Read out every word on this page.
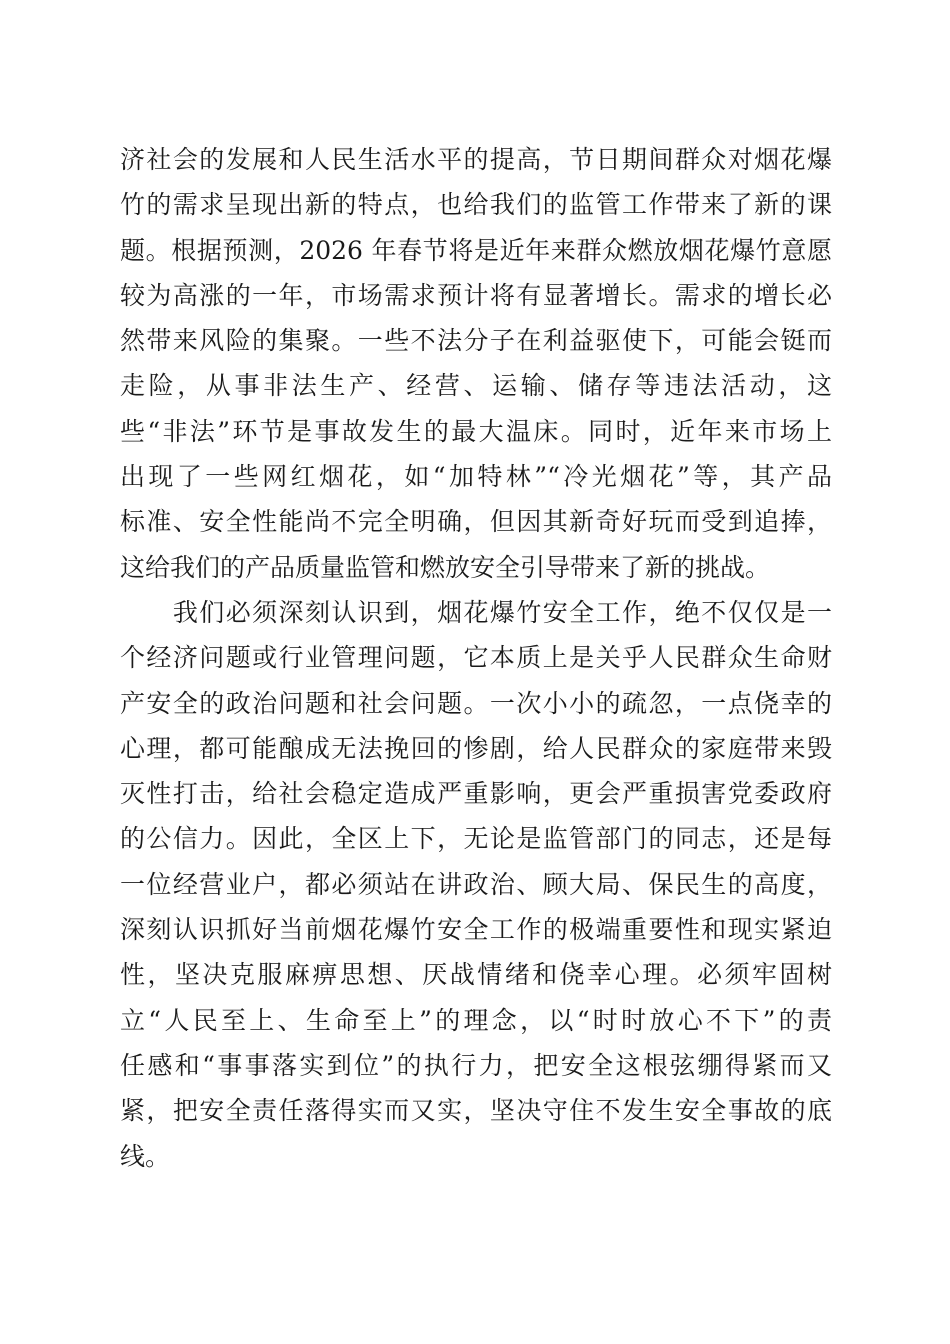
济社会的发展和人民生活水平的提高，节日期间群众对烟花爆
竹的需求呈现出新的特点，也给我们的监管工作带来了新的课
题。根据预测，2026 年春节将是近年来群众燃放烟花爆竹意愿
较为高涨的一年，市场需求预计将有显著增长。需求的增长必
然带来风险的集聚。一些不法分子在利益驱使下，可能会铤而
走险，从事非法生产、经营、运输、储存等违法活动，这
些“非法”环节是事故发生的最大温床。同时，近年来市场上
出现了一些网红烟花，如“加特林”“冷光烟花”等，其产品
标准、安全性能尚不完全明确，但因其新奇好玩而受到追捧，
这给我们的产品质量监管和燃放安全引导带来了新的挑战。
　　我们必须深刻认识到，烟花爆竹安全工作，绝不仅仅是一
个经济问题或行业管理问题，它本质上是关乎人民群众生命财
产安全的政治问题和社会问题。一次小小的疏忽，一点侥幸的
心理，都可能酿成无法挽回的惨剧，给人民群众的家庭带来毁
灭性打击，给社会稳定造成严重影响，更会严重损害党委政府
的公信力。因此，全区上下，无论是监管部门的同志，还是每
一位经营业户，都必须站在讲政治、顾大局、保民生的高度，
深刻认识抓好当前烟花爆竹安全工作的极端重要性和现实紧迫
性，坚决克服麻痹思想、厌战情绪和侥幸心理。必须牢固树
立“人民至上、生命至上”的理念，以“时时放心不下”的责
任感和“事事落实到位”的执行力，把安全这根弦绷得紧而又
紧，把安全责任落得实而又实，坚决守住不发生安全事故的底
线。
